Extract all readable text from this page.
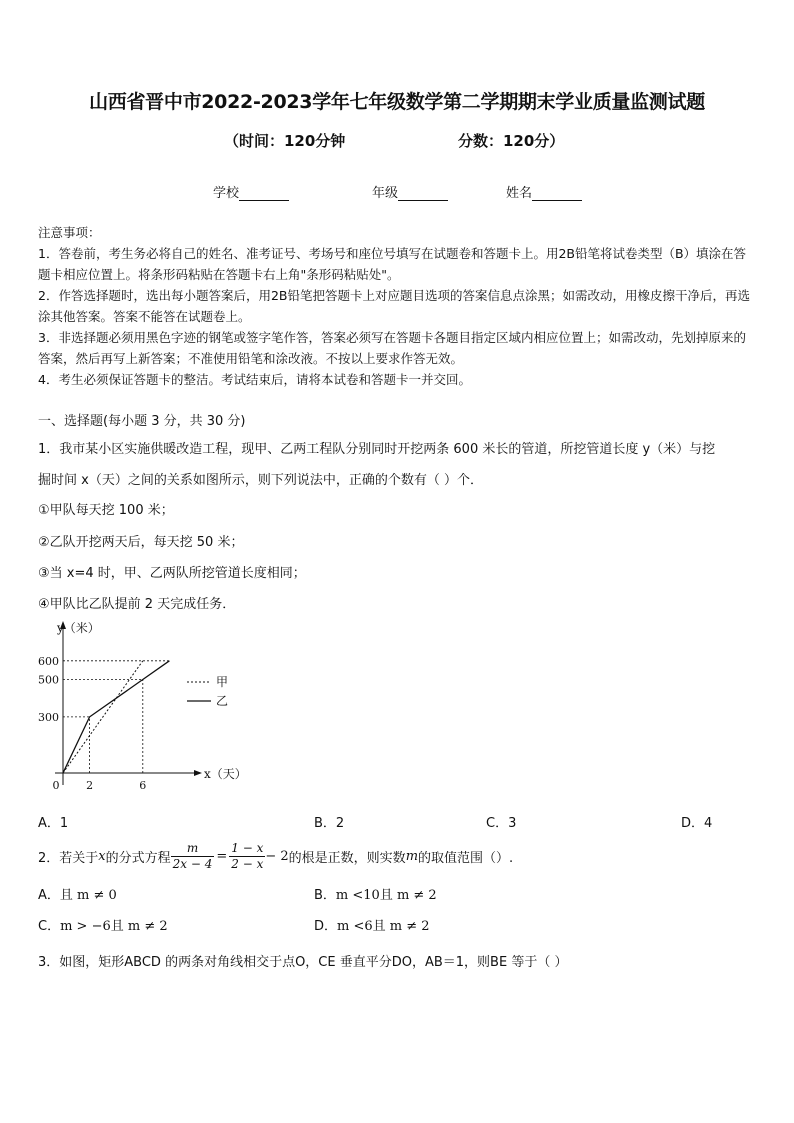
山西省晋中市2022-2023学年七年级数学第二学期期末学业质量监测试题
（时间：120分钟	分数：120分）
学校	年级	姓名

注意事项：

1．答卷前，考生务必将自己的姓名、准考证号、考场号和座位号填写在试题卷和答题卡上。用2B铅笔将试卷类型（B）填涂在答题卡相应位置上。将条形码粘贴在答题卡右上角"条形码粘贴处"。

2．作答选择题时，选出每小题答案后，用2B铅笔把答题卡上对应题目选项的答案信息点涂黑；如需改动，用橡皮擦干净后，再选涂其他答案。答案不能答在试题卷上。

3．非选择题必须用黑色字迹的钢笔或签字笔作答，答案必须写在答题卡各题目指定区域内相应位置上；如需改动，先划掉原来的答案，然后再写上新答案；不准使用铅笔和涂改液。不按以上要求作答无效。

4．考生必须保证答题卡的整洁。考试结束后，请将本试卷和答题卡一并交回。

一、选择题(每小题 3 分，共 30 分)
1．我市某小区实施供暖改造工程，现甲、乙两工程队分别同时开挖两条 600 米长的管道，所挖管道长度 y（米）与挖
掘时间 x（天）之间的关系如图所示，则下列说法中，正确的个数有（ ）个．
①甲队每天挖 100 米；
②乙队开挖两天后，每天挖 50 米；
③当 x=4 时，甲、乙两队所挖管道长度相同；
④甲队比乙队提前 2 天完成任务．
y（米）
x（天）
0
300
500
600
2	6
甲
乙
A．1	B．2	C．3	D．4
2．若关于 x 的分式方程 $\frac{m}{2x - 4} = \frac{1 - x}{2 - x} - 2$ 的根是正数，则实数 m 的取值范围（）.
A．且 m ≠ 0	B．m <10且 m ≠ 2
C．m > −6且 m ≠ 2	D．m <6且 m ≠ 2
3．如图，矩形ABCD 的两条对角线相交于点O，CE 垂直平分DO，AB＝1，则BE 等于（ ）
